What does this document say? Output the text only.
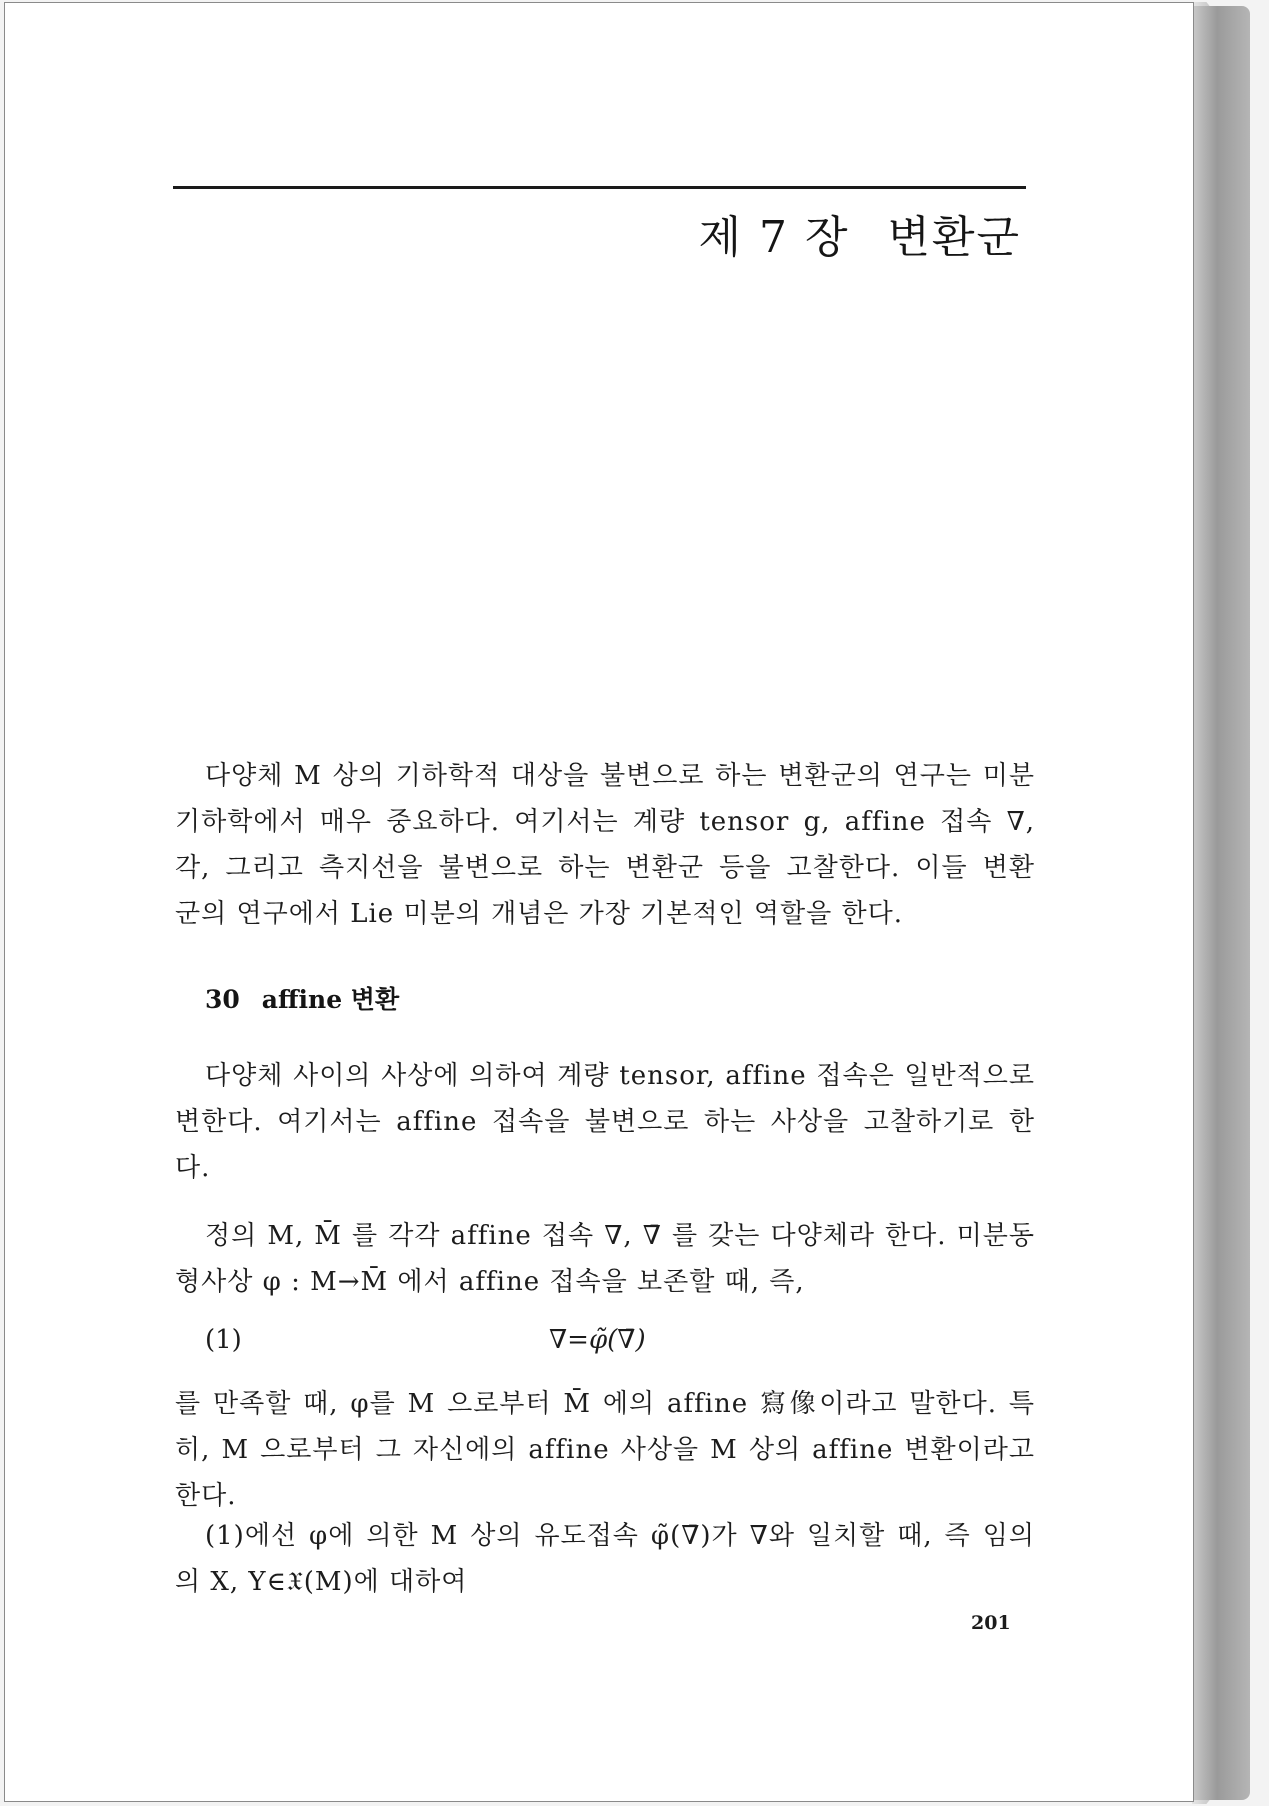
제 7 장 변환군
다양체 M 상의 기하학적 대상을 불변으로 하는 변환군의 연구는 미분
기하학에서 매우 중요하다. 여기서는 계량 tensor g, affine 접속 ∇,
각, 그리고 측지선을 불변으로 하는 변환군 등을 고찰한다. 이들 변환
군의 연구에서 Lie 미분의 개념은 가장 기본적인 역할을 한다.
30 affine 변환
다양체 사이의 사상에 의하여 계량 tensor, affine 접속은 일반적으로
변한다. 여기서는 affine 접속을 불변으로 하는 사상을 고찰하기로 한
다.
정의 M, M̄ 를 각각 affine 접속 ∇, ∇̄ 를 갖는 다양체라 한다. 미분동
형사상 φ : M→M̄ 에서 affine 접속을 보존할 때, 즉,
(1)	∇=φ̃(∇̄)
를 만족할 때, φ를 M 으로부터 M̄ 에의 affine 寫像이라고 말한다. 특
히, M 으로부터 그 자신에의 affine 사상을 M 상의 affine 변환이라고
한다.
(1)에선 φ에 의한 M 상의 유도접속 φ̃(∇̄)가 ∇와 일치할 때, 즉 임의
의 X, Y∈𝔛(M)에 대하여
201
